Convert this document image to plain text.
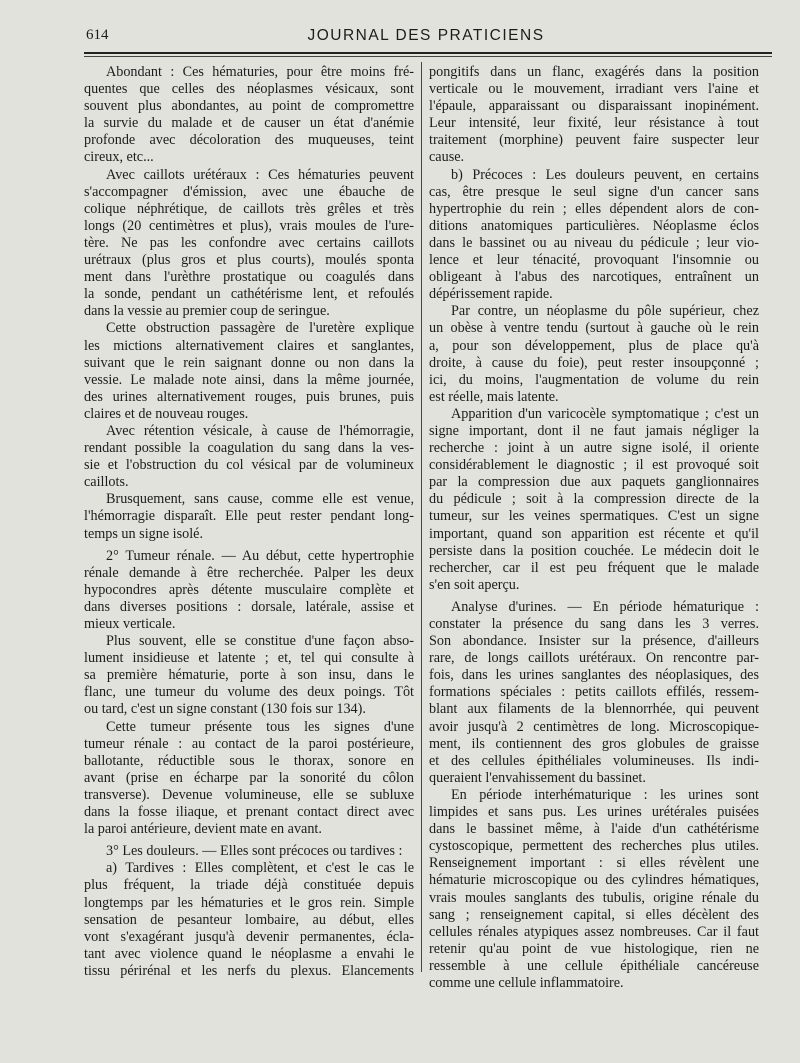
614	JOURNAL DES PRATICIENS
Abondant : Ces hématuries, pour être moins fré-
quentes que celles des néoplasmes vésicaux, sont
souvent plus abondantes, au point de compromettre
la survie du malade et de causer un état d'anémie
profonde avec décoloration des muqueuses, teint
cireux, etc...
Avec caillots urétéraux : Ces hématuries peuvent
s'accompagner d'émission, avec une ébauche de
colique néphrétique, de caillots très grêles et très
longs (20 centimètres et plus), vrais moules de l'ure-
tère. Ne pas les confondre avec certains caillots
urétraux (plus gros et plus courts), moulés sponta
ment dans l'urèthre prostatique ou coagulés dans
la sonde, pendant un cathétérisme lent, et refoulés
dans la vessie au premier coup de seringue.
Cette obstruction passagère de l'uretère explique
les mictions alternativement claires et sanglantes,
suivant que le rein saignant donne ou non dans la
vessie. Le malade note ainsi, dans la même journée,
des urines alternativement rouges, puis brunes, puis
claires et de nouveau rouges.
Avec rétention vésicale, à cause de l'hémorragie,
rendant possible la coagulation du sang dans la ves-
sie et l'obstruction du col vésical par de volumineux
caillots.
Brusquement, sans cause, comme elle est venue,
l'hémorragie disparaît. Elle peut rester pendant long-
temps un signe isolé.
2° Tumeur rénale. — Au début, cette hypertrophie
rénale demande à être recherchée. Palper les deux
hypocondres après détente musculaire complète et
dans diverses positions : dorsale, latérale, assise et
mieux verticale.
Plus souvent, elle se constitue d'une façon abso-
lument insidieuse et latente ; et, tel qui consulte à
sa première hématurie, porte à son insu, dans le
flanc, une tumeur du volume des deux poings. Tôt
ou tard, c'est un signe constant (130 fois sur 134).
Cette tumeur présente tous les signes d'une
tumeur rénale : au contact de la paroi postérieure,
ballotante, réductible sous le thorax, sonore en
avant (prise en écharpe par la sonorité du côlon
transverse). Devenue volumineuse, elle se subluxe
dans la fosse iliaque, et prenant contact direct avec
la paroi antérieure, devient mate en avant.
3° Les douleurs. — Elles sont précoces ou tardives :
a) Tardives : Elles complètent, et c'est le cas le
plus fréquent, la triade déjà constituée depuis
longtemps par les hématuries et le gros rein. Simple
sensation de pesanteur lombaire, au début, elles
vont s'exagérant jusqu'à devenir permanentes, écla-
tant avec violence quand le néoplasme a envahi le
tissu périrénal et les nerfs du plexus. Elancements
pongitifs dans un flanc, exagérés dans la position
verticale ou le mouvement, irradiant vers l'aine et
l'épaule, apparaissant ou disparaissant inopinément.
Leur intensité, leur fixité, leur résistance à tout
traitement (morphine) peuvent faire suspecter leur
cause.
b) Précoces : Les douleurs peuvent, en certains
cas, être presque le seul signe d'un cancer sans
hypertrophie du rein ; elles dépendent alors de con-
ditions anatomiques particulières. Néoplasme éclos
dans le bassinet ou au niveau du pédicule ; leur vio-
lence et leur ténacité, provoquant l'insomnie ou
obligeant à l'abus des narcotiques, entraînent un
dépérissement rapide.
Par contre, un néoplasme du pôle supérieur, chez
un obèse à ventre tendu (surtout à gauche où le rein
a, pour son développement, plus de place qu'à
droite, à cause du foie), peut rester insoupçonné ;
ici, du moins, l'augmentation de volume du rein
est réelle, mais latente.
Apparition d'un varicocèle symptomatique ; c'est un
signe important, dont il ne faut jamais négliger la
recherche : joint à un autre signe isolé, il oriente
considérablement le diagnostic ; il est provoqué soit
par la compression due aux paquets ganglionnaires
du pédicule ; soit à la compression directe de la
tumeur, sur les veines spermatiques. C'est un signe
important, quand son apparition est récente et qu'il
persiste dans la position couchée. Le médecin doit le
rechercher, car il est peu fréquent que le malade
s'en soit aperçu.
Analyse d'urines. — En période hématurique :
constater la présence du sang dans les 3 verres.
Son abondance. Insister sur la présence, d'ailleurs
rare, de longs caillots urétéraux. On rencontre par-
fois, dans les urines sanglantes des néoplasiques, des
formations spéciales : petits caillots effilés, ressem-
blant aux filaments de la blennorrhée, qui peuvent
avoir jusqu'à 2 centimètres de long. Microscopique-
ment, ils contiennent des gros globules de graisse
et des cellules épithéliales volumineuses. Ils indi-
queraient l'envahissement du bassinet.
En période interhématurique : les urines sont
limpides et sans pus. Les urines urétérales puisées
dans le bassinet même, à l'aide d'un cathétérisme
cystoscopique, permettent des recherches plus utiles.
Renseignement important : si elles révèlent une
hématurie microscopique ou des cylindres hématiques,
vrais moules sanglants des tubulis, origine rénale du
sang ; renseignement capital, si elles décèlent des
cellules rénales atypiques assez nombreuses. Car il faut
retenir qu'au point de vue histologique, rien ne
ressemble à une cellule épithéliale cancéreuse
comme une cellule inflammatoire.
